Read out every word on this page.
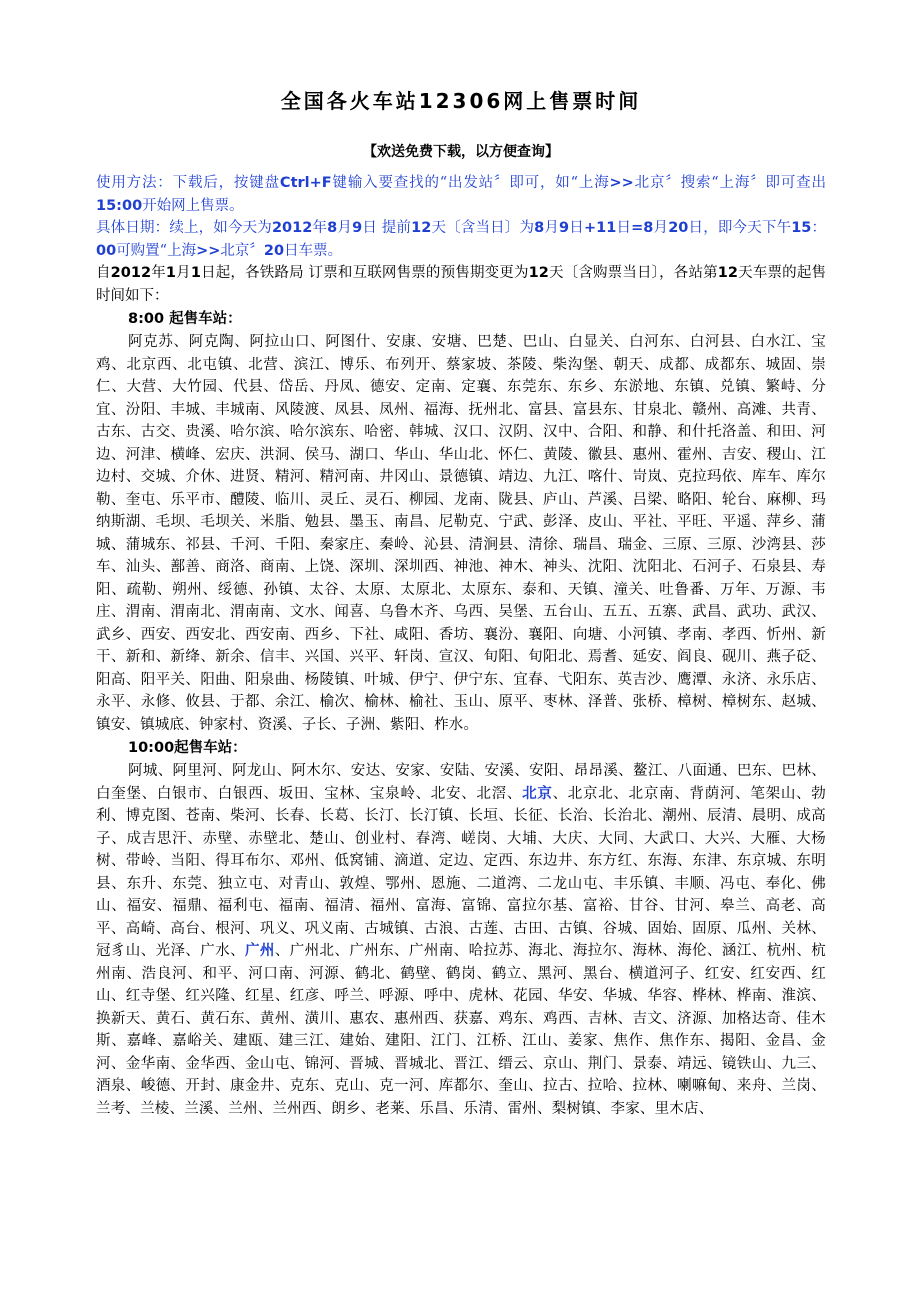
全国各火车站12306网上售票时间
【欢送免费下载，以方便查询】

使用方法：下载后，按键盘Ctrl+F键输入要查找的“出发站〞即可，如“上海>>北京〞搜索“上海〞即可查出15:00开始网上售票。

具体日期：续上，如今天为2012年8月9日 提前12天〔含当日〕为8月9日+11日=8月20日，即今天下午15：00可购置“上海>>北京〞20日车票。

自2012年1月1日起，各铁路局 订票和互联网售票的预售期变更为12天〔含购票当日〕，各站第12天车票的起售时间如下：

8:00 起售车站：

阿克苏、阿克陶、阿拉山口、阿图什、安康、安塘、巴楚、巴山、白显关、白河东、白河县、白水江、宝鸡、北京西、北屯镇、北营、滨江、博乐、布列开、蔡家坡、茶陵、柴沟堡、朝天、成都、成都东、城固、崇仁、大营、大竹园、代县、岱岳、丹凤、德安、定南、定襄、东莞东、东乡、东淤地、东镇、兑镇、繁峙、分宜、汾阳、丰城、丰城南、风陵渡、凤县、凤州、福海、抚州北、富县、富县东、甘泉北、赣州、高滩、共青、古东、古交、贵溪、哈尔滨、哈尔滨东、哈密、韩城、汉口、汉阴、汉中、合阳、和静、和什托洛盖、和田、河边、河津、横峰、宏庆、洪洞、侯马、湖口、华山、华山北、怀仁、黄陵、徽县、惠州、霍州、吉安、稷山、江边村、交城、介休、进贤、精河、精河南、井冈山、景德镇、靖边、九江、喀什、岢岚、克拉玛依、库车、库尔勒、奎屯、乐平市、醴陵、临川、灵丘、灵石、柳园、龙南、陇县、庐山、芦溪、吕梁、略阳、轮台、麻柳、玛纳斯湖、毛坝、毛坝关、米脂、勉县、墨玉、南昌、尼勒克、宁武、彭泽、皮山、平社、平旺、平遥、萍乡、蒲城、蒲城东、祁县、千河、千阳、秦家庄、秦岭、沁县、清涧县、清徐、瑞昌、瑞金、三原、三原、沙湾县、莎车、汕头、鄯善、商洛、商南、上饶、深圳、深圳西、神池、神木、神头、沈阳、沈阳北、石河子、石泉县、寿阳、疏勒、朔州、绥德、孙镇、太谷、太原、太原北、太原东、泰和、天镇、潼关、吐鲁番、万年、万源、韦庄、渭南、渭南北、渭南南、文水、闻喜、乌鲁木齐、乌西、吴堡、五台山、五五、五寨、武昌、武功、武汉、武乡、西安、西安北、西安南、西乡、下社、咸阳、香坊、襄汾、襄阳、向塘、小河镇、孝南、孝西、忻州、新干、新和、新绛、新余、信丰、兴国、兴平、轩岗、宣汉、旬阳、旬阳北、焉耆、延安、阎良、砚川、燕子砭、阳高、阳平关、阳曲、阳泉曲、杨陵镇、叶城、伊宁、伊宁东、宜春、弋阳东、英吉沙、鹰潭、永济、永乐店、永平、永修、攸县、于都、余江、榆次、榆林、榆社、玉山、原平、枣林、泽普、张桥、樟树、樟树东、赵城、镇安、镇城底、钟家村、资溪、子长、子洲、紫阳、柞水。

10:00起售车站：

阿城、阿里河、阿龙山、阿木尔、安达、安家、安陆、安溪、安阳、昂昂溪、鳌江、八面通、巴东、巴林、白奎堡、白银市、白银西、坂田、宝林、宝泉岭、北安、北滘、北京、北京北、北京南、背荫河、笔架山、勃利、博克图、苍南、柴河、长春、长葛、长汀、长汀镇、长垣、长征、长治、长治北、潮州、辰清、晨明、成高子、成吉思汗、赤壁、赤壁北、楚山、创业村、春湾、嵯岗、大埔、大庆、大同、大武口、大兴、大雁、大杨树、带岭、当阳、得耳布尔、邓州、低窝铺、滴道、定边、定西、东边井、东方红、东海、东津、东京城、东明县、东升、东莞、独立屯、对青山、敦煌、鄂州、恩施、二道湾、二龙山屯、丰乐镇、丰顺、冯屯、奉化、佛山、福安、福鼎、福利屯、福南、福清、福州、富海、富锦、富拉尔基、富裕、甘谷、甘河、皋兰、高老、高平、高崎、高台、根河、巩义、巩义南、古城镇、古浪、古莲、古田、古镇、谷城、固始、固原、瓜州、关林、冠豸山、光泽、广水、广州、广州北、广州东、广州南、哈拉苏、海北、海拉尔、海林、海伦、涵江、杭州、杭州南、浩良河、和平、河口南、河源、鹤北、鹤壁、鹤岗、鹤立、黑河、黑台、横道河子、红安、红安西、红山、红寺堡、红兴隆、红星、红彦、呼兰、呼源、呼中、虎林、花园、华安、华城、华容、桦林、桦南、淮滨、换新天、黄石、黄石东、黄州、潢川、惠农、惠州西、获嘉、鸡东、鸡西、吉林、吉文、济源、加格达奇、佳木斯、嘉峰、嘉峪关、建瓯、建三江、建始、建阳、江门、江桥、江山、姜家、焦作、焦作东、揭阳、金昌、金河、金华南、金华西、金山屯、锦河、晋城、晋城北、晋江、缙云、京山、荆门、景泰、靖远、镜铁山、九三、酒泉、峻德、开封、康金井、克东、克山、克一河、库都尔、奎山、拉古、拉哈、拉林、喇嘛甸、来舟、兰岗、兰考、兰棱、兰溪、兰州、兰州西、朗乡、老莱、乐昌、乐清、雷州、梨树镇、李家、里木店、
